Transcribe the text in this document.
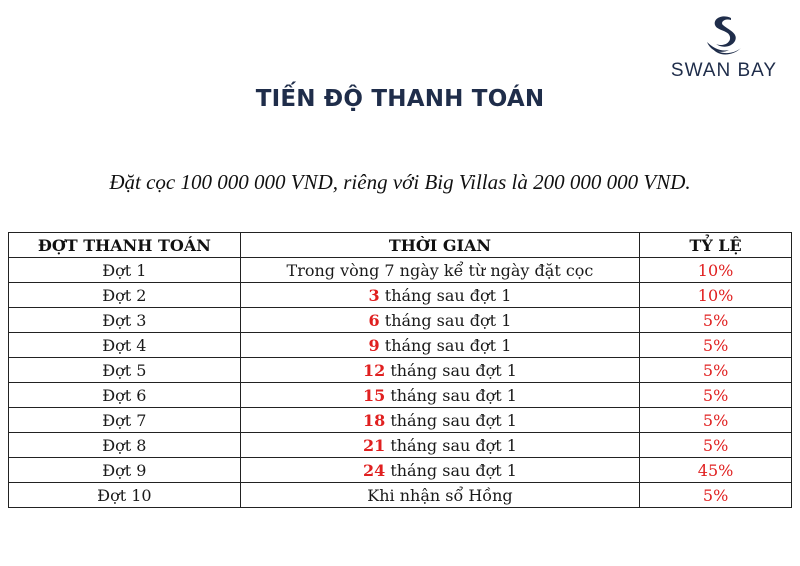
SWAN BAY
TIẾN ĐỘ THANH TOÁN
Đặt cọc 100 000 000 VND, riêng với Big Villas là 200 000 000 VND.
ĐỢT THANH TOÁN	THỜI GIAN	TỶ LỆ
Đợt 1	Trong vòng 7 ngày kể từ ngày đặt cọc	10%
Đợt 2	3 tháng sau đợt 1	10%
Đợt 3	6 tháng sau đợt 1	5%
Đợt 4	9 tháng sau đợt 1	5%
Đợt 5	12 tháng sau đợt 1	5%
Đợt 6	15 tháng sau đợt 1	5%
Đợt 7	18 tháng sau đợt 1	5%
Đợt 8	21 tháng sau đợt 1	5%
Đợt 9	24 tháng sau đợt 1	45%
Đợt 10	Khi nhận sổ Hồng	5%
